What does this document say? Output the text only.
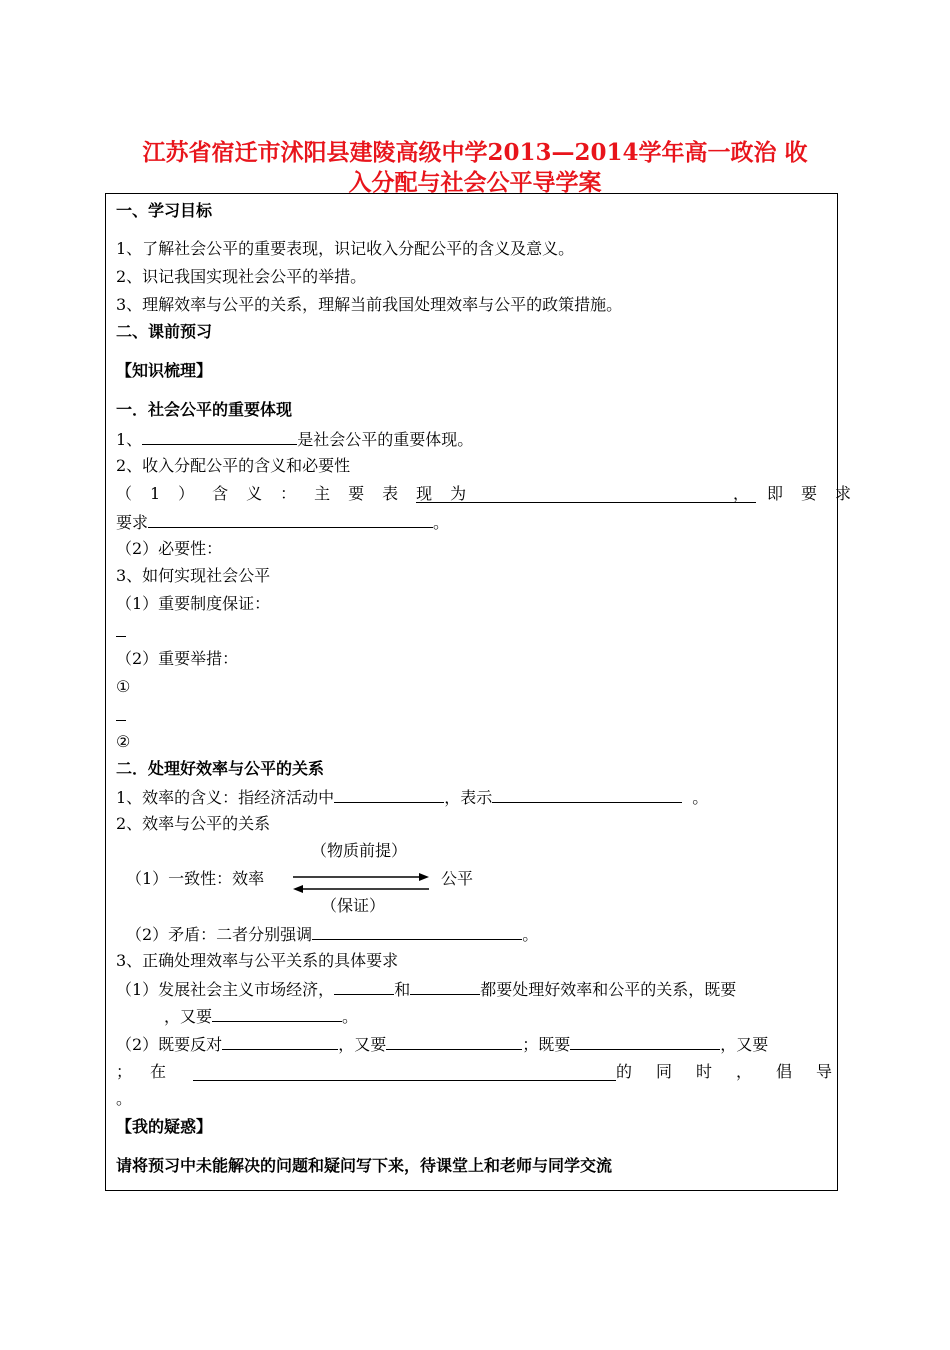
江苏省宿迁市沭阳县建陵高级中学2013—2014学年高一政治 收
入分配与社会公平导学案
一、学习目标
1、了解社会公平的重要表现，识记收入分配公平的含义及意义。
2、识记我国实现社会公平的举措。
3、理解效率与公平的关系，理解当前我国处理效率与公平的政策措施。
二、课前预习
【知识梳理】
一．社会公平的重要体现
1、	是社会公平的重要体现。
2、收入分配公平的含义和必要性
（1）含义：主要表现为	，即要求
要求	。
（2）必要性：
3、如何实现社会公平
（1）重要制度保证：
（2）重要举措：
①
②
二．处理好效率与公平的关系
1、效率的含义：指经济活动中	，表示	。
2、效率与公平的关系
（物质前提）
（1）一致性：效率	公平
（保证）
（2）矛盾：二者分别强调	。
3、正确处理效率与公平关系的具体要求
（1）发展社会主义市场经济，	和	都要处理好效率和公平的关系，既要
，又要	。
（2）既要反对	，又要	；既要	，又要
；在	的同时，倡导
。
【我的疑惑】
请将预习中未能解决的问题和疑问写下来，待课堂上和老师与同学交流
